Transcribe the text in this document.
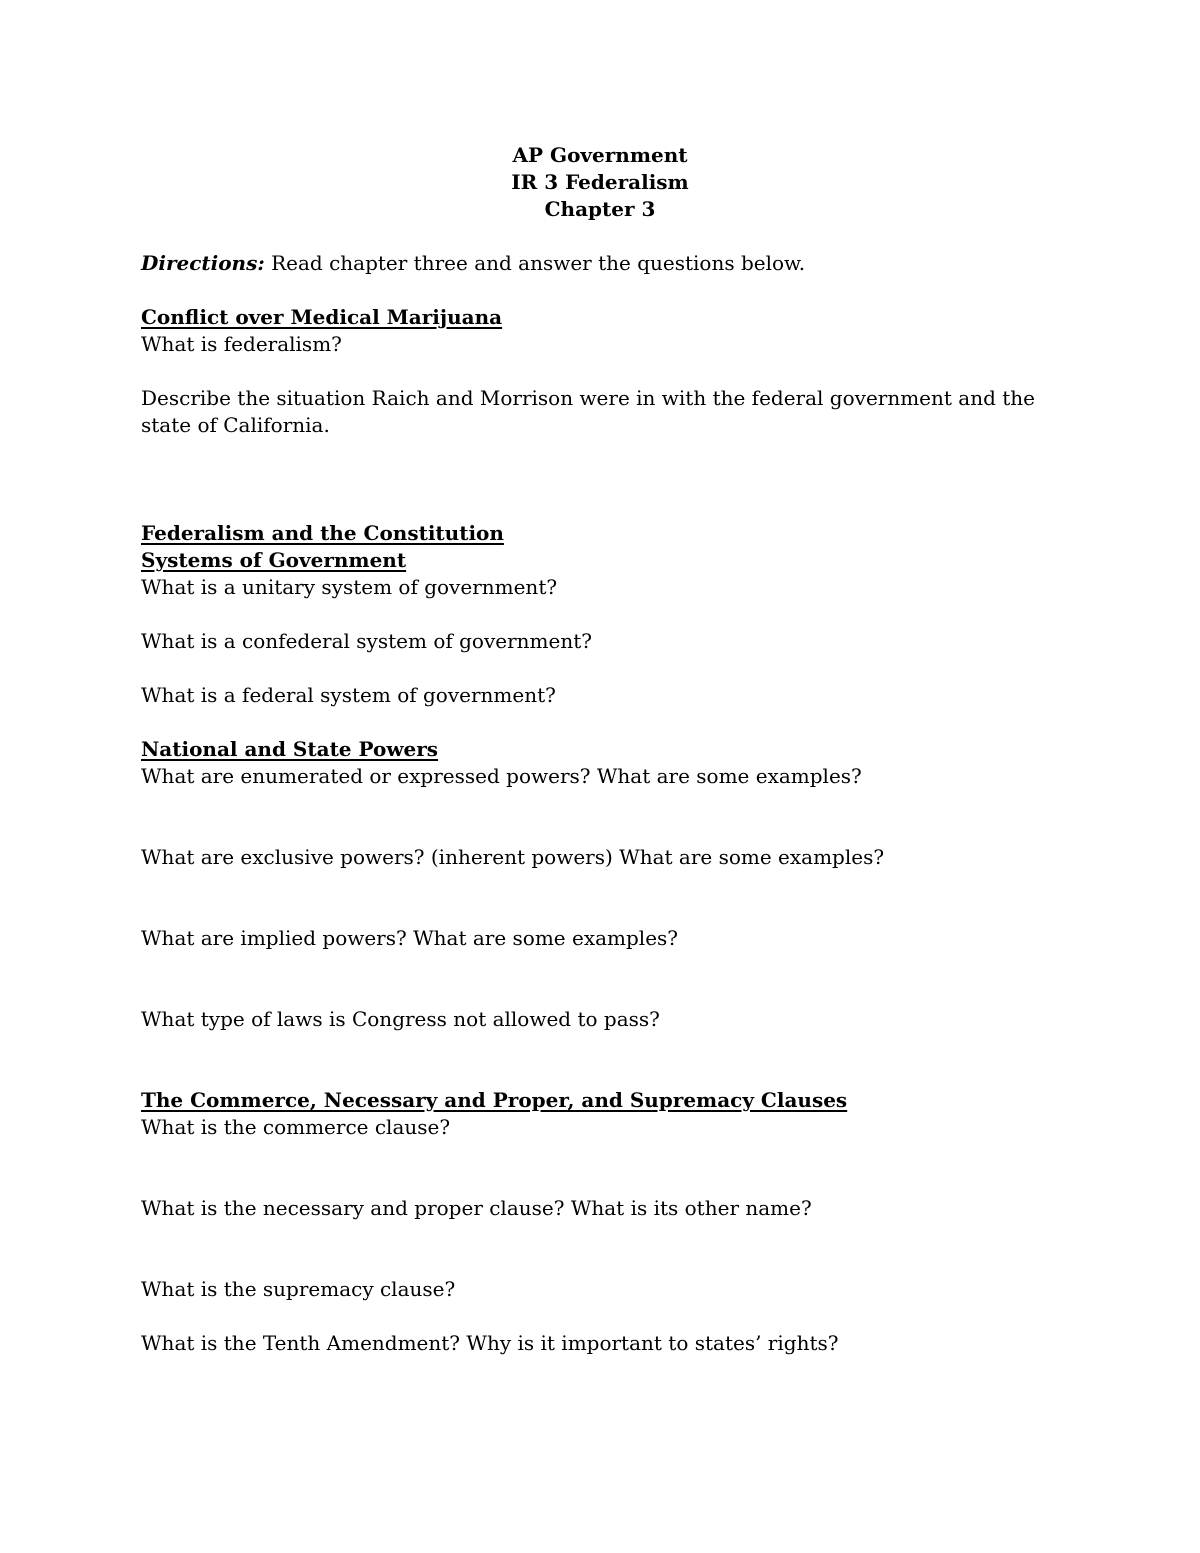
AP Government
IR 3 Federalism
Chapter 3
Directions: Read chapter three and answer the questions below.
Conflict over Medical Marijuana
What is federalism?
Describe the situation Raich and Morrison were in with the federal government and the state of California.
Federalism and the Constitution
Systems of Government
What is a unitary system of government?
What is a confederal system of government?
What is a federal system of government?
National and State Powers
What are enumerated or expressed powers? What are some examples?
What are exclusive powers? (inherent powers) What are some examples?
What are implied powers? What are some examples?
What type of laws is Congress not allowed to pass?
The Commerce, Necessary and Proper, and Supremacy Clauses
What is the commerce clause?
What is the necessary and proper clause? What is its other name?
What is the supremacy clause?
What is the Tenth Amendment? Why is it important to states’ rights?
